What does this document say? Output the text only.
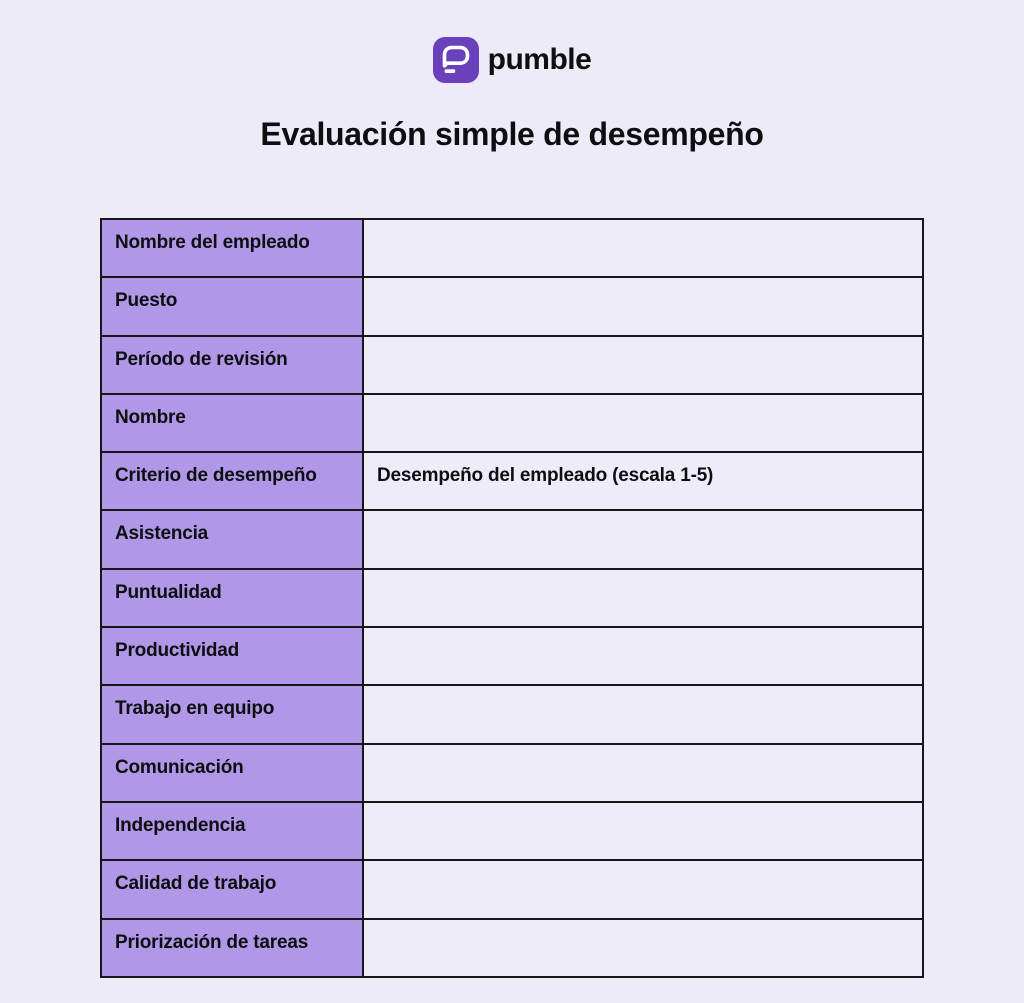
pumble
Evaluación simple de desempeño
Nombre del empleado	
Puesto	
Período de revisión	
Nombre	
Criterio de desempeño	Desempeño del empleado (escala 1-5)
Asistencia	
Puntualidad	
Productividad	
Trabajo en equipo	
Comunicación	
Independencia	
Calidad de trabajo	
Priorización de tareas	
